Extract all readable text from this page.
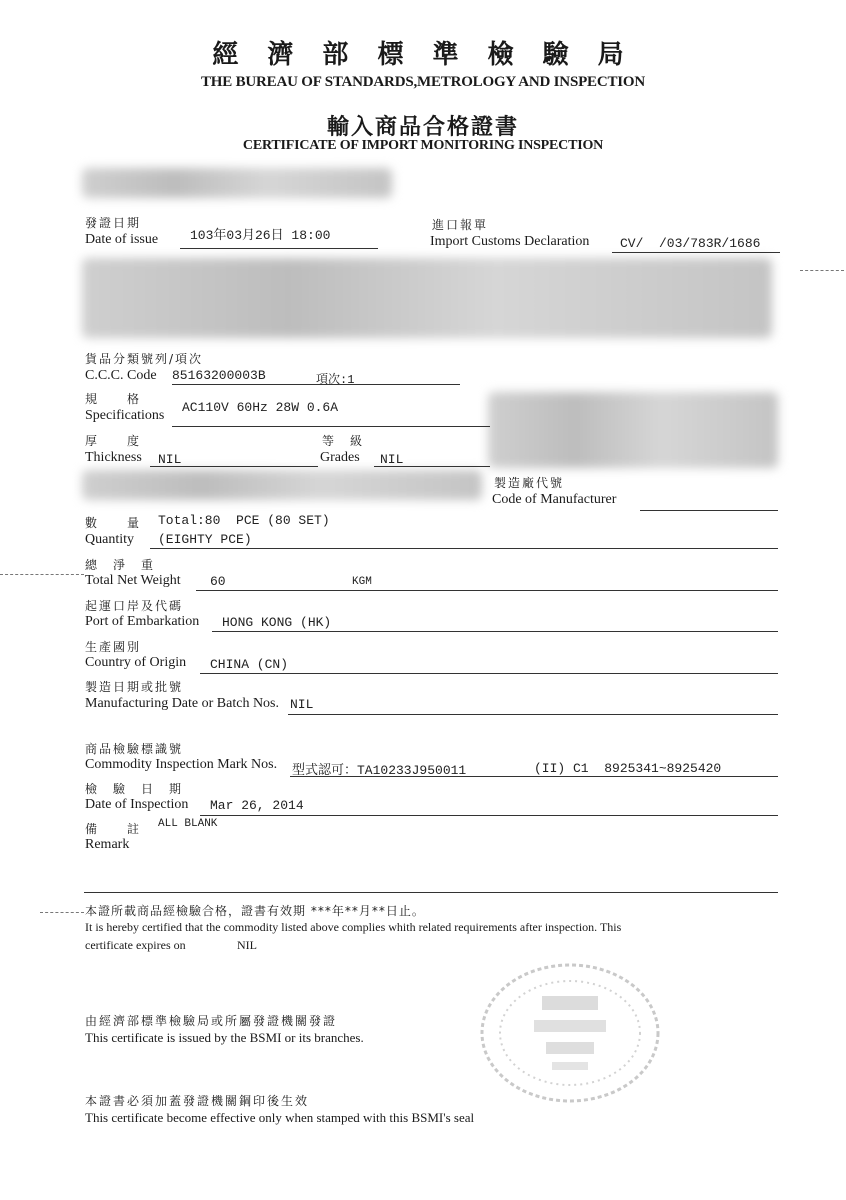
經 濟 部 標 準 檢 驗 局
THE BUREAU OF STANDARDS,METROLOGY AND INSPECTION
輸入商品合格證書
CERTIFICATE OF IMPORT MONITORING INSPECTION
發證日期
Date of issue 103年03月26日 18:00
進口報單
Import Customs Declaration CV/  /03/783R/1686
貨品分類號列/項次
C.C.C. Code 85163200003B	項次:1
規　　格
Specifications
AC110V 60Hz 28W 0.6A
厚　　度
Thickness NIL
等　級
Grades NIL
製造廠代號
Code of Manufacturer
數　　量
Quantity
Total:80  PCE (80 SET)
(EIGHTY PCE)
總　淨　重
Total Net Weight 60	KGM
起運口岸及代碼
Port of Embarkation HONG KONG (HK)
生產國別
Country of Origin CHINA (CN)
製造日期或批號
Manufacturing Date or Batch Nos. NIL
商品檢驗標識號
Commodity Inspection Mark Nos. 型式認可：TA10233J950011	(II) C1  8925341~8925420
檢　驗　日　期
Date of Inspection Mar 26, 2014
備　　註 ALL BLANK
Remark
本證所載商品經檢驗合格，證書有效期 ***年**月**日止。
It is hereby certified that the commodity listed above complies whith related requirements after inspection. This
certificate expires on	NIL
由經濟部標準檢驗局或所屬發證機關發證
This certificate is issued by the BSMI or its branches.
本證書必須加蓋發證機關鋼印後生效
This certificate become effective only when stamped with this BSMI's seal
